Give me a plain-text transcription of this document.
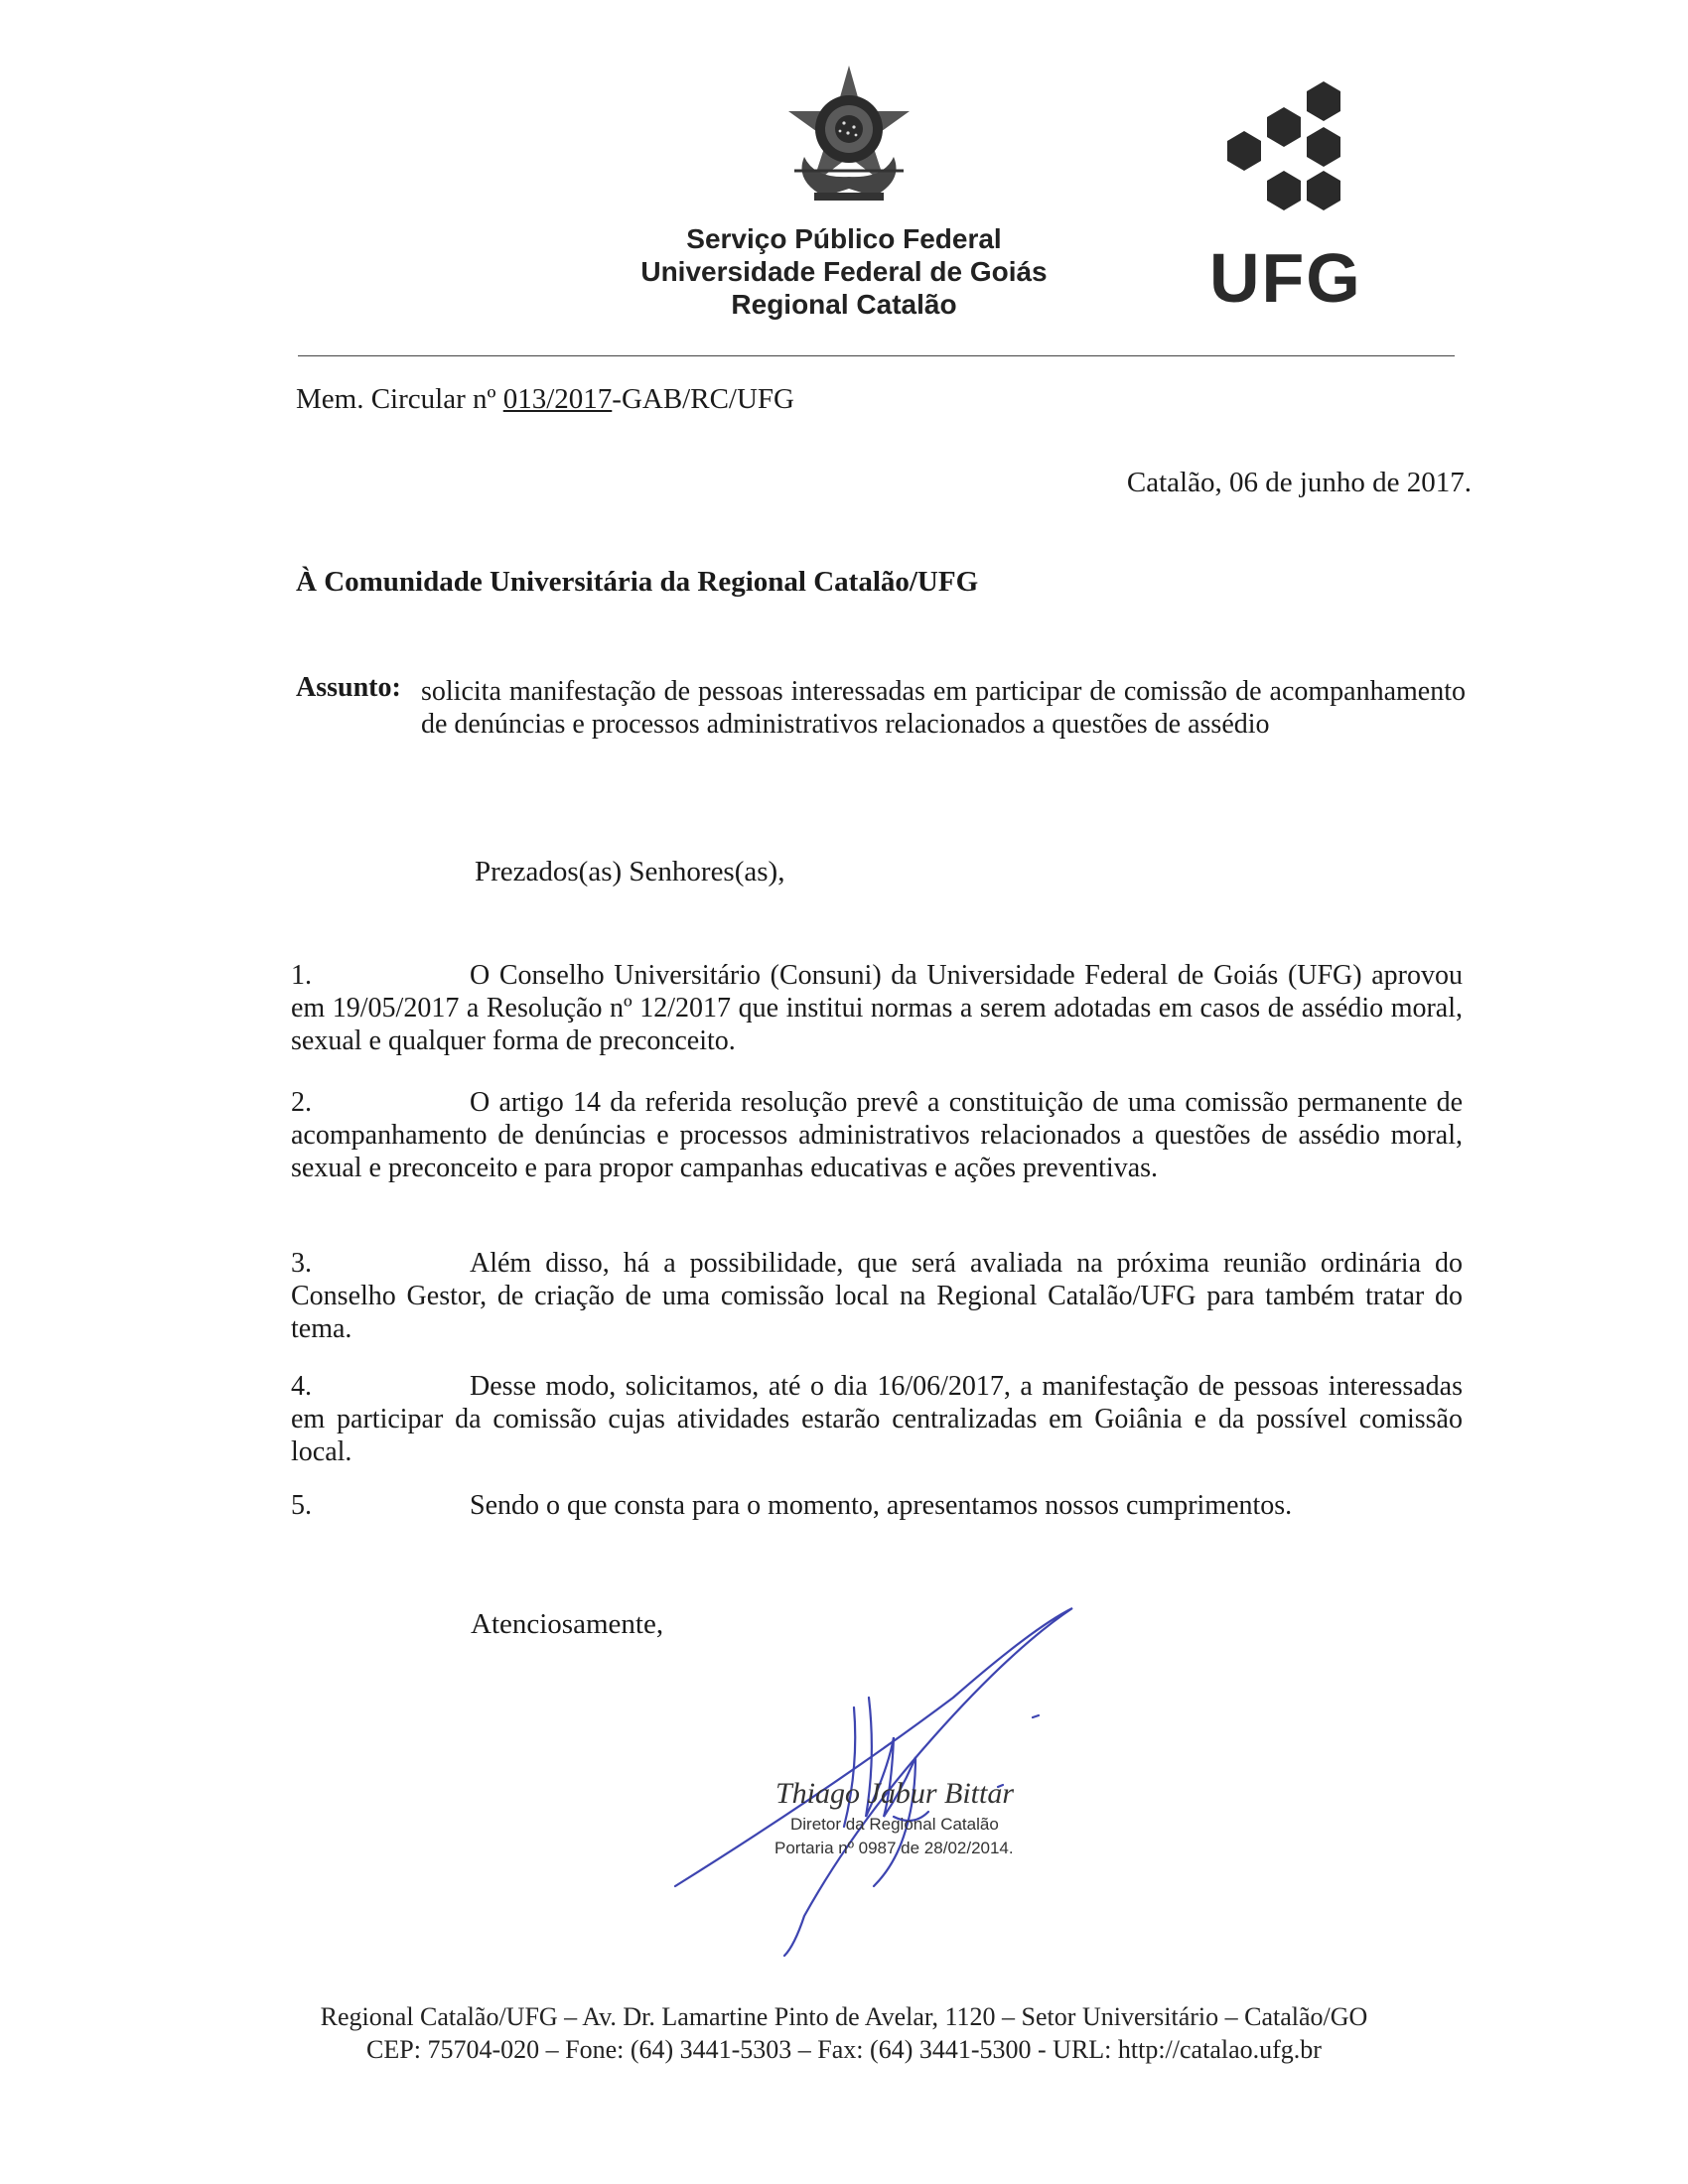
Serviço Público Federal
Universidade Federal de Goiás
Regional Catalão	UFG
Mem. Circular nº 013/2017-GAB/RC/UFG
Catalão, 06 de junho de 2017.
À Comunidade Universitária da Regional Catalão/UFG
Assunto: solicita manifestação de pessoas interessadas em participar de comissão de acompanhamento de denúncias e processos administrativos relacionados a questões de assédio
Prezados(as) Senhores(as),
1.	O Conselho Universitário (Consuni) da Universidade Federal de Goiás (UFG) aprovou em 19/05/2017 a Resolução nº 12/2017 que institui normas a serem adotadas em casos de assédio moral, sexual e qualquer forma de preconceito.
2.	O artigo 14 da referida resolução prevê a constituição de uma comissão permanente de acompanhamento de denúncias e processos administrativos relacionados a questões de assédio moral, sexual e preconceito e para propor campanhas educativas e ações preventivas.
3.	Além disso, há a possibilidade, que será avaliada na próxima reunião ordinária do Conselho Gestor, de criação de uma comissão local na Regional Catalão/UFG para também tratar do tema.
4.	Desse modo, solicitamos, até o dia 16/06/2017, a manifestação de pessoas interessadas em participar da comissão cujas atividades estarão centralizadas em Goiânia e da possível comissão local.
5.	Sendo o que consta para o momento, apresentamos nossos cumprimentos.
Atenciosamente,
Thiago Jabur Bittar
Diretor da Regional Catalão
Portaria nº 0987 de 28/02/2014.
Regional Catalão/UFG – Av. Dr. Lamartine Pinto de Avelar, 1120 – Setor Universitário – Catalão/GO
CEP: 75704-020 – Fone: (64) 3441-5303 – Fax: (64) 3441-5300 - URL: http://catalao.ufg.br
